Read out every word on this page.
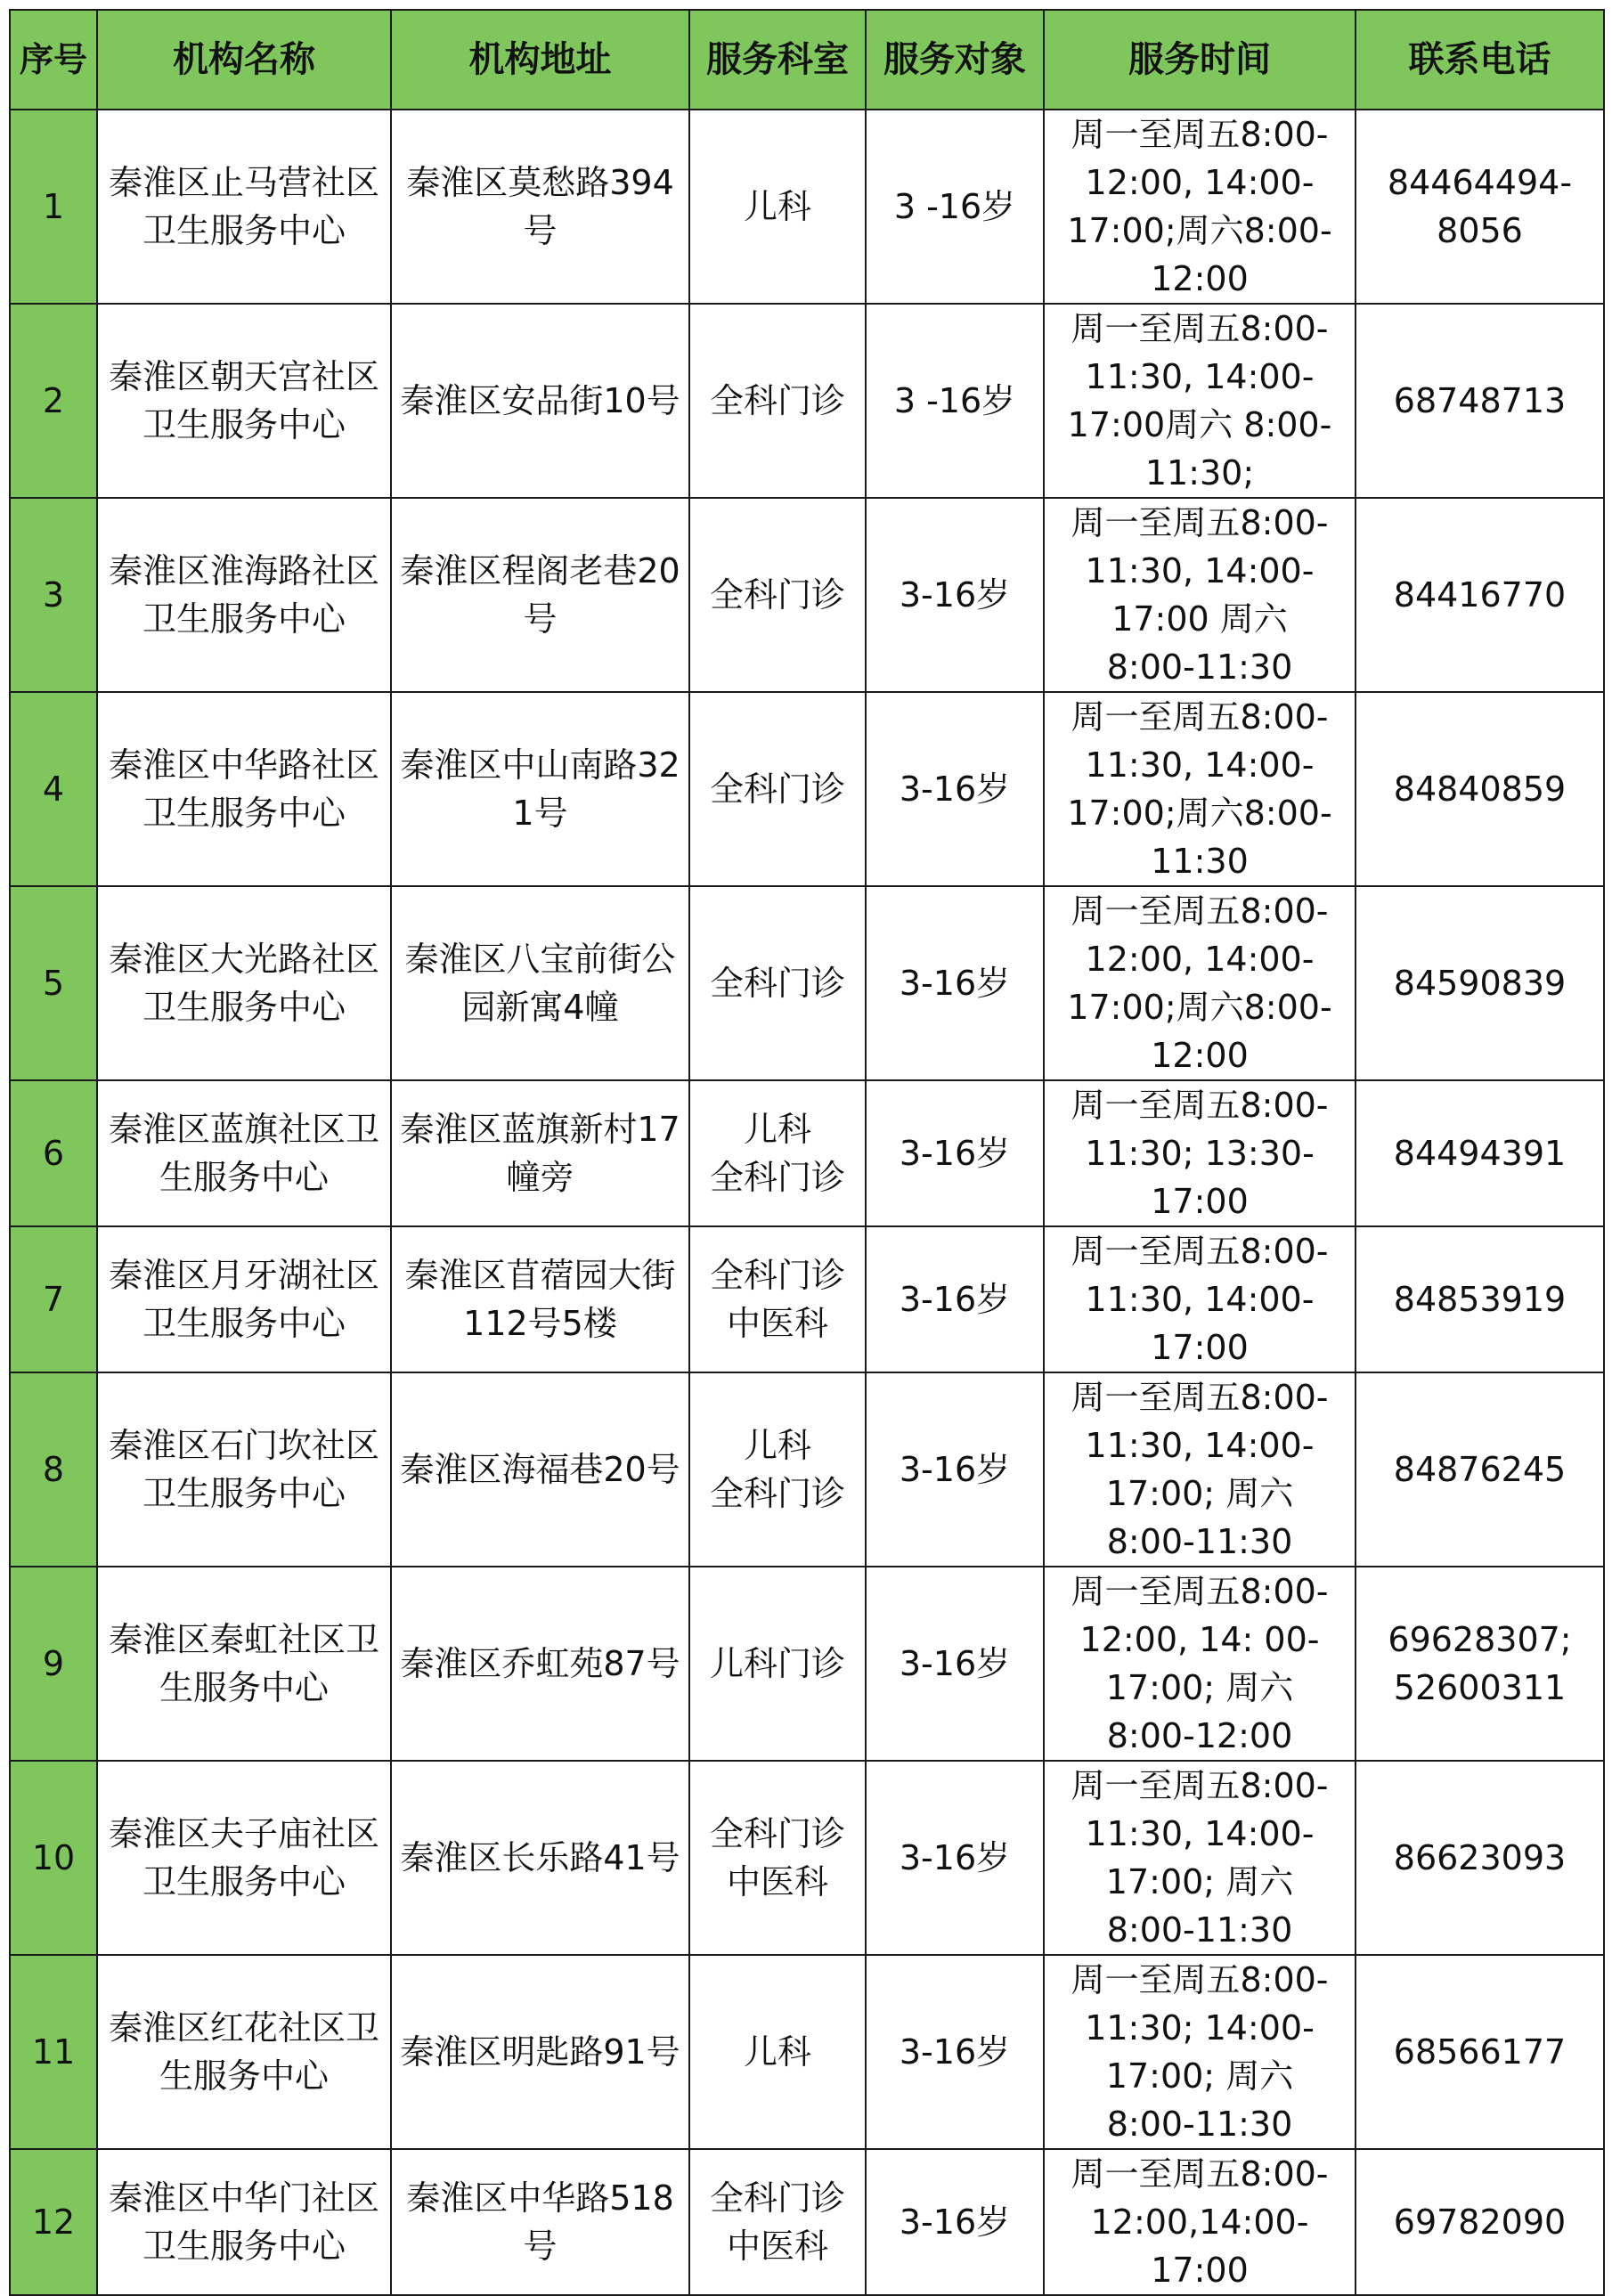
序号	机构名称	机构地址	服务科室	服务对象	服务时间	联系电话
1	秦淮区止马营社区卫生服务中心	秦淮区莫愁路394号	儿科	3 -16岁	周一至周五8:00-
12:00, 14:00-
17:00;周六8:00-
12:00	84464494-
8056

2	秦淮区朝天宫社区卫生服务中心	秦淮区安品街10号	全科门诊	3 -16岁	周一至周五8:00-
11:30, 14:00-
17:00周六 8:00-
11:30;	68748713

3	秦淮区淮海路社区卫生服务中心	秦淮区程阁老巷20号	全科门诊	3-16岁	周一至周五8:00-
11:30, 14:00-
17:00 周六
8:00-11:30	84416770

4	秦淮区中华路社区卫生服务中心	秦淮区中山南路321号	全科门诊	3-16岁	周一至周五8:00-
11:30, 14:00-
17:00;周六8:00-
11:30	84840859

5	秦淮区大光路社区卫生服务中心	秦淮区八宝前街公园新寓4幢	全科门诊	3-16岁	周一至周五8:00-
12:00, 14:00-
17:00;周六8:00-
12:00	84590839

6	秦淮区蓝旗社区卫生服务中心	秦淮区蓝旗新村17幢旁	儿科
全科门诊	3-16岁	周一至周五8:00-
11:30; 13:30-
17:00	84494391

7	秦淮区月牙湖社区卫生服务中心	秦淮区苜蓿园大街112号5楼	全科门诊
中医科	3-16岁	周一至周五8:00-
11:30, 14:00-
17:00	84853919

8	秦淮区石门坎社区卫生服务中心	秦淮区海福巷20号	儿科
全科门诊	3-16岁	周一至周五8:00-
11:30, 14:00-
17:00; 周六
8:00-11:30	84876245

9	秦淮区秦虹社区卫生服务中心	秦淮区乔虹苑87号	儿科门诊	3-16岁	周一至周五8:00-
12:00, 14: 00-
17:00; 周六
8:00-12:00	69628307;
52600311

10	秦淮区夫子庙社区卫生服务中心	秦淮区长乐路41号	全科门诊
中医科	3-16岁	周一至周五8:00-
11:30, 14:00-
17:00; 周六
8:00-11:30	86623093

11	秦淮区红花社区卫生服务中心	秦淮区明匙路91号	儿科	3-16岁	周一至周五8:00-
11:30; 14:00-
17:00; 周六
8:00-11:30	68566177

12	秦淮区中华门社区卫生服务中心	秦淮区中华路518号	全科门诊
中医科	3-16岁	周一至周五8:00-
12:00,14:00-
17:00	69782090
